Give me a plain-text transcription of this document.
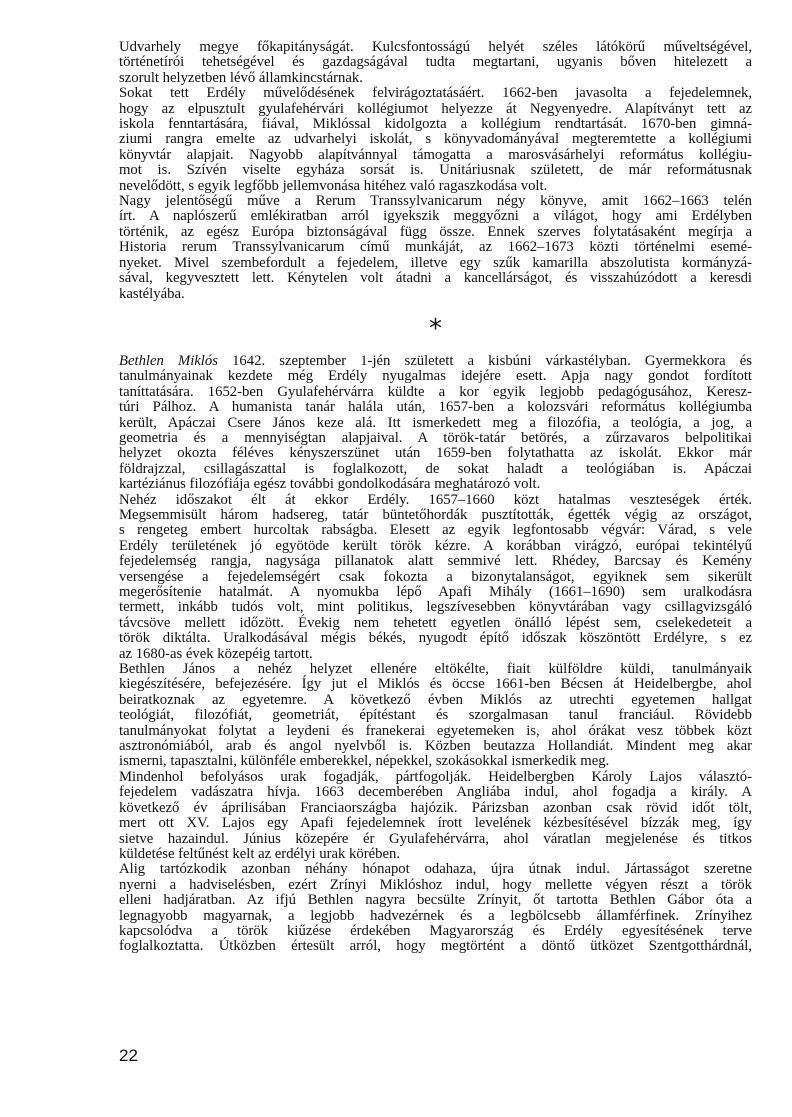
Udvarhely megye főkapitányságát. Kulcsfontosságú helyét széles látókörű műveltségével,
történetírói tehetségével és gazdagságával tudta megtartani, ugyanis bőven hitelezett a
szorult helyzetben lévő államkincstárnak.

Sokat tett Erdély művelődésének felvirágoztatásáért. 1662-ben javasolta a fejedelemnek,
hogy az elpusztult gyulafehérvári kollégiumot helyezze át Negyenyedre. Alapítványt tett az
iskola fenntartására, fiával, Miklóssal kidolgozta a kollégium rendtartását. 1670-ben gimná-
ziumi rangra emelte az udvarhelyi iskolát, s könyvadományával megteremtette a kollégiumi
könyvtár alapjait. Nagyobb alapítvánnyal támogatta a marosvásárhelyi református kollégiu-
mot is. Szívén viselte egyháza sorsát is. Unitáriusnak született, de már reformátusnak
nevelődött, s egyik legfőbb jellemvonása hitéhez való ragaszkodása volt.

Nagy jelentőségű műve a Rerum Transsylvanicarum négy könyve, amit 1662–1663 telén
írt. A naplószerű emlékiratban arról igyekszik meggyőzni a világot, hogy ami Erdélyben
történik, az egész Európa biztonságával függ össze. Ennek szerves folytatásaként megírja a
Historia rerum Transsylvanicarum című munkáját, az 1662–1673 közti történelmi esemé-
nyeket. Mivel szembefordult a fejedelem, illetve egy szűk kamarilla abszolutista kormányzá-
sával, kegyvesztett lett. Kénytelen volt átadni a kancellárságot, és visszahúzódott a keresdi
kastélyába.

*

Bethlen Miklós 1642. szeptember 1-jén született a kisbúni várkastélyban. Gyermekkora és
tanulmányainak kezdete még Erdély nyugalmas idejére esett. Apja nagy gondot fordított
taníttatására. 1652-ben Gyulafehérvárra küldte a kor egyik legjobb pedagógusához, Keresz-
túri Pálhoz. A humanista tanár halála után, 1657-ben a kolozsvári református kollégiumba
került, Apáczai Csere János keze alá. Itt ismerkedett meg a filozófia, a teológia, a jog, a
geometria és a mennyiségtan alapjaival. A török-tatár betörés, a zűrzavaros belpolitikai
helyzet okozta féléves kényszerszünet után 1659-ben folytathatta az iskolát. Ekkor már
földrajzzal, csillagászattal is foglalkozott, de sokat haladt a teológiában is. Apáczai
kartéziánus filozófiája egész további gondolkodására meghatározó volt.

Nehéz időszakot élt át ekkor Erdély. 1657–1660 közt hatalmas veszteségek érték.
Megsemmisült három hadsereg, tatár büntetőhordák pusztították, égették végig az országot,
s rengeteg embert hurcoltak rabságba. Elesett az egyik legfontosabb végvár: Várad, s vele
Erdély területének jó egyötöde került török kézre. A korábban virágzó, európai tekintélyű
fejedelemség rangja, nagysága pillanatok alatt semmivé lett. Rhédey, Barcsay és Kemény
versengése a fejedelemségért csak fokozta a bizonytalanságot, egyiknek sem sikerült
megerősítenie hatalmát. A nyomukba lépő Apafi Mihály (1661–1690) sem uralkodásra
termett, inkább tudós volt, mint politikus, legszívesebben könyvtárában vagy csillagvizsgáló
távcsöve mellett időzött. Évekig nem tehetett egyetlen önálló lépést sem, cselekedeteit a
török diktálta. Uralkodásával mégis békés, nyugodt építő időszak köszöntött Erdélyre, s ez
az 1680-as évek közepéig tartott.

Bethlen János a nehéz helyzet ellenére eltökélte, fiait külföldre küldi, tanulmányaik
kiegészítésére, befejezésére. Így jut el Miklós és öccse 1661-ben Bécsen át Heidelbergbe, ahol
beiratkoznak az egyetemre. A következő évben Miklós az utrechti egyetemen hallgat
teológiát, filozófiát, geometriát, építéstant és szorgalmasan tanul franciául. Rövidebb
tanulmányokat folytat a leydeni és franekerai egyetemeken is, ahol órákat vesz többek közt
asztronómiából, arab és angol nyelvből is. Közben beutazza Hollandiát. Mindent meg akar
ismerni, tapasztalni, különféle emberekkel, népekkel, szokásokkal ismerkedik meg.

Mindenhol befolyásos urak fogadják, pártfogolják. Heidelbergben Károly Lajos választó-
fejedelem vadászatra hívja. 1663 decemberében Angliába indul, ahol fogadja a király. A
következő év áprilisában Franciaországba hajózik. Párizsban azonban csak rövid időt tölt,
mert ott XV. Lajos egy Apafi fejedelemnek írott levelének kézbesítésével bízzák meg, így
sietve hazaindul. Június közepére ér Gyulafehérvárra, ahol váratlan megjelenése és titkos
küldetése feltűnést kelt az erdélyi urak körében.

Alig tartózkodik azonban néhány hónapot odahaza, újra útnak indul. Jártasságot szeretne
nyerni a hadviselésben, ezért Zrínyi Miklóshoz indul, hogy mellette végyen részt a török
elleni hadjáratban. Az ifjú Bethlen nagyra becsülte Zrínyit, őt tartotta Bethlen Gábor óta a
legnagyobb magyarnak, a legjobb hadvezérnek és a legbölcsebb államférfinek. Zrínyihez
kapcsolódva a török kiűzése érdekében Magyarország és Erdély egyesítésének terve
foglalkoztatta. Útközben értesült arról, hogy megtörtént a döntő ütközet Szentgotthárdnál,

22
